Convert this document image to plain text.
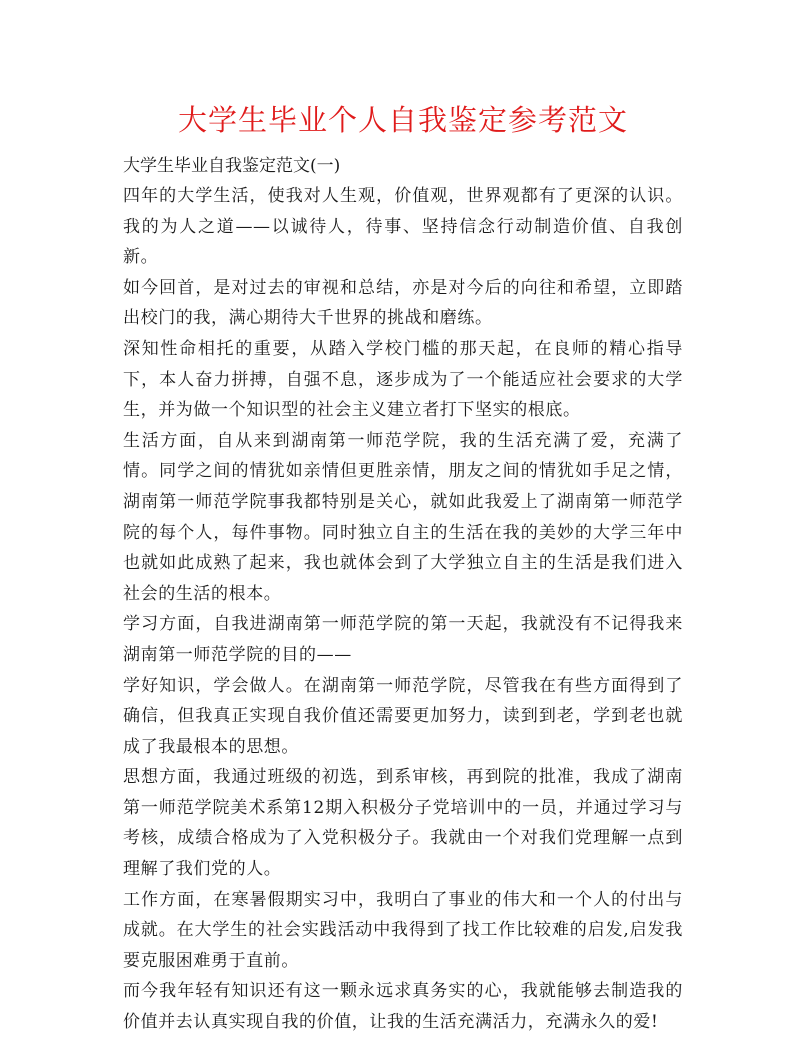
大学生毕业个人自我鉴定参考范文

大学生毕业自我鉴定范文(一)

四年的大学生活，使我对人生观，价值观，世界观都有了更深的认识。我的为人之道——以诚待人，待事、坚持信念行动制造价值、自我创新。

如今回首，是对过去的审视和总结，亦是对今后的向往和希望，立即踏出校门的我，满心期待大千世界的挑战和磨练。

深知性命相托的重要，从踏入学校门槛的那天起，在良师的精心指导下，本人奋力拼搏，自强不息，逐步成为了一个能适应社会要求的大学生，并为做一个知识型的社会主义建立者打下坚实的根底。

生活方面，自从来到湖南第一师范学院，我的生活充满了爱，充满了情。同学之间的情犹如亲情但更胜亲情，朋友之间的情犹如手足之情，湖南第一师范学院事我都特别是关心，就如此我爱上了湖南第一师范学院的每个人，每件事物。同时独立自主的生活在我的美妙的大学三年中也就如此成熟了起来，我也就体会到了大学独立自主的生活是我们进入社会的生活的根本。

学习方面，自我进湖南第一师范学院的第一天起，我就没有不记得我来湖南第一师范学院的目的——

学好知识，学会做人。在湖南第一师范学院，尽管我在有些方面得到了确信，但我真正实现自我价值还需要更加努力，读到到老，学到老也就成了我最根本的思想。

思想方面，我通过班级的初选，到系审核，再到院的批准，我成了湖南第一师范学院美术系第12期入积极分子党培训中的一员，并通过学习与考核，成绩合格成为了入党积极分子。我就由一个对我们党理解一点到理解了我们党的人。

工作方面，在寒暑假期实习中，我明白了事业的伟大和一个人的付出与成就。在大学生的社会实践活动中我得到了找工作比较难的启发,启发我要克服困难勇于直前。

而今我年轻有知识还有这一颗永远求真务实的心，我就能够去制造我的价值并去认真实现自我的价值，让我的生活充满活力，充满永久的爱!
